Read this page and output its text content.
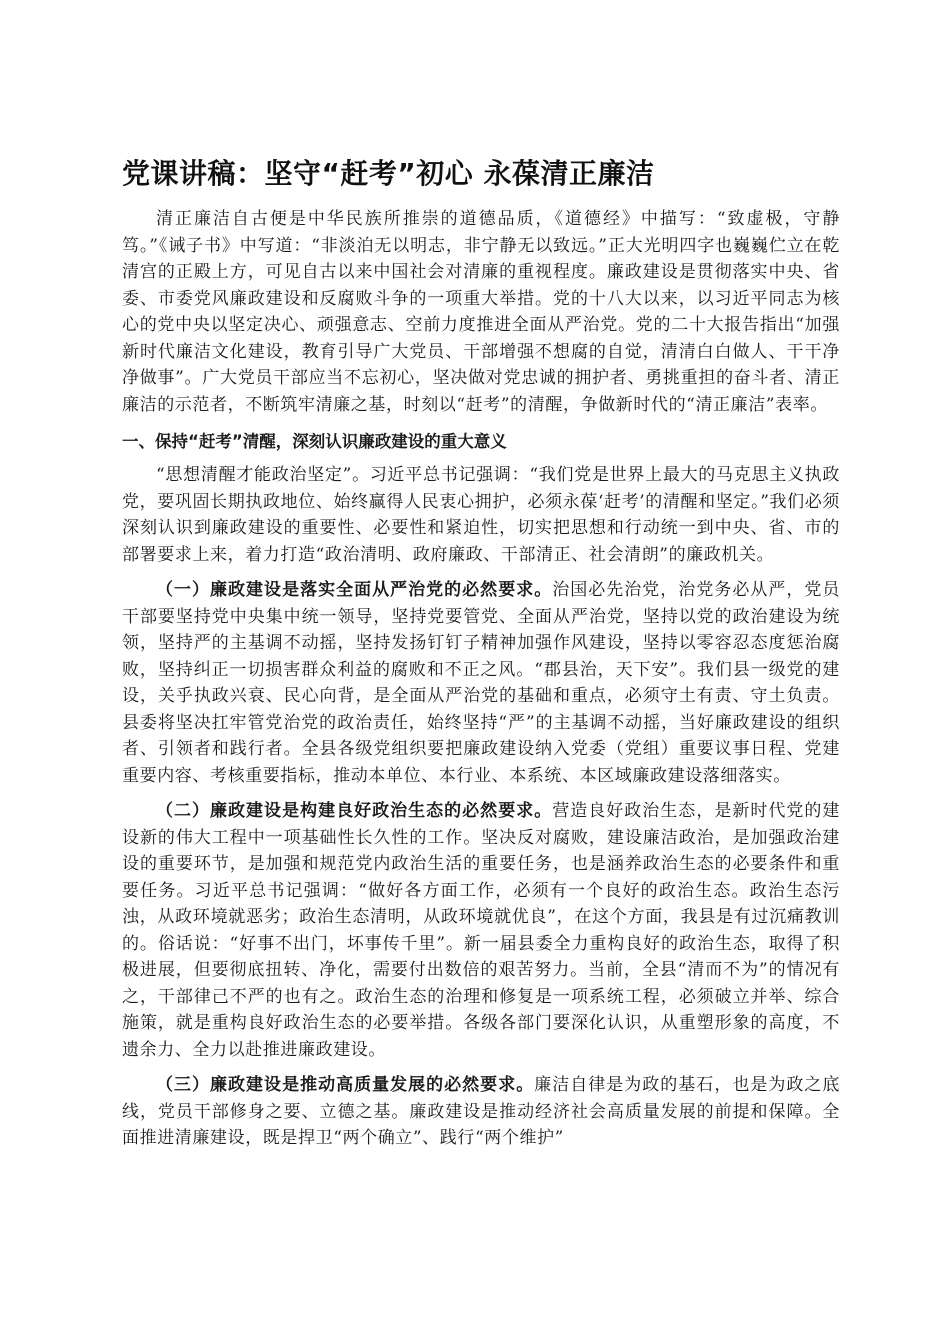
党课讲稿：坚守“赶考”初心 永葆清正廉洁

清正廉洁自古便是中华民族所推崇的道德品质，《道德经》中描写：“致虚极，守静笃。”《诫子书》中写道：“非淡泊无以明志，非宁静无以致远。”正大光明四字也巍巍伫立在乾清宫的正殿上方，可见自古以来中国社会对清廉的重视程度。廉政建设是贯彻落实中央、省委、市委党风廉政建设和反腐败斗争的一项重大举措。党的十八大以来，以习近平同志为核心的党中央以坚定决心、顽强意志、空前力度推进全面从严治党。党的二十大报告指出“加强新时代廉洁文化建设，教育引导广大党员、干部增强不想腐的自觉，清清白白做人、干干净净做事”。广大党员干部应当不忘初心，坚决做对党忠诚的拥护者、勇挑重担的奋斗者、清正廉洁的示范者，不断筑牢清廉之基，时刻以“赶考”的清醒，争做新时代的“清正廉洁”表率。

一、保持“赶考”清醒，深刻认识廉政建设的重大意义

“思想清醒才能政治坚定”。习近平总书记强调：“我们党是世界上最大的马克思主义执政党，要巩固长期执政地位、始终赢得人民衷心拥护，必须永葆‘赶考’的清醒和坚定。”我们必须深刻认识到廉政建设的重要性、必要性和紧迫性，切实把思想和行动统一到中央、省、市的部署要求上来，着力打造“政治清明、政府廉政、干部清正、社会清朗”的廉政机关。

（一）廉政建设是落实全面从严治党的必然要求。治国必先治党，治党务必从严，党员干部要坚持党中央集中统一领导，坚持党要管党、全面从严治党，坚持以党的政治建设为统领，坚持严的主基调不动摇，坚持发扬钉钉子精神加强作风建设，坚持以零容忍态度惩治腐败，坚持纠正一切损害群众利益的腐败和不正之风。“郡县治，天下安”。我们县一级党的建设，关乎执政兴衰、民心向背，是全面从严治党的基础和重点，必须守土有责、守土负责。县委将坚决扛牢管党治党的政治责任，始终坚持“严”的主基调不动摇，当好廉政建设的组织者、引领者和践行者。全县各级党组织要把廉政建设纳入党委（党组）重要议事日程、党建重要内容、考核重要指标，推动本单位、本行业、本系统、本区域廉政建设落细落实。

（二）廉政建设是构建良好政治生态的必然要求。营造良好政治生态，是新时代党的建设新的伟大工程中一项基础性长久性的工作。坚决反对腐败，建设廉洁政治，是加强政治建设的重要环节，是加强和规范党内政治生活的重要任务，也是涵养政治生态的必要条件和重要任务。习近平总书记强调：“做好各方面工作，必须有一个良好的政治生态。政治生态污浊，从政环境就恶劣；政治生态清明，从政环境就优良”，在这个方面，我县是有过沉痛教训的。俗话说：“好事不出门，坏事传千里”。新一届县委全力重构良好的政治生态，取得了积极进展，但要彻底扭转、净化，需要付出数倍的艰苦努力。当前，全县“清而不为”的情况有之，干部律己不严的也有之。政治生态的治理和修复是一项系统工程，必须破立并举、综合施策，就是重构良好政治生态的必要举措。各级各部门要深化认识，从重塑形象的高度，不遗余力、全力以赴推进廉政建设。

（三）廉政建设是推动高质量发展的必然要求。廉洁自律是为政的基石，也是为政之底线，党员干部修身之要、立德之基。廉政建设是推动经济社会高质量发展的前提和保障。全面推进清廉建设，既是捍卫“两个确立”、践行“两个维护”
